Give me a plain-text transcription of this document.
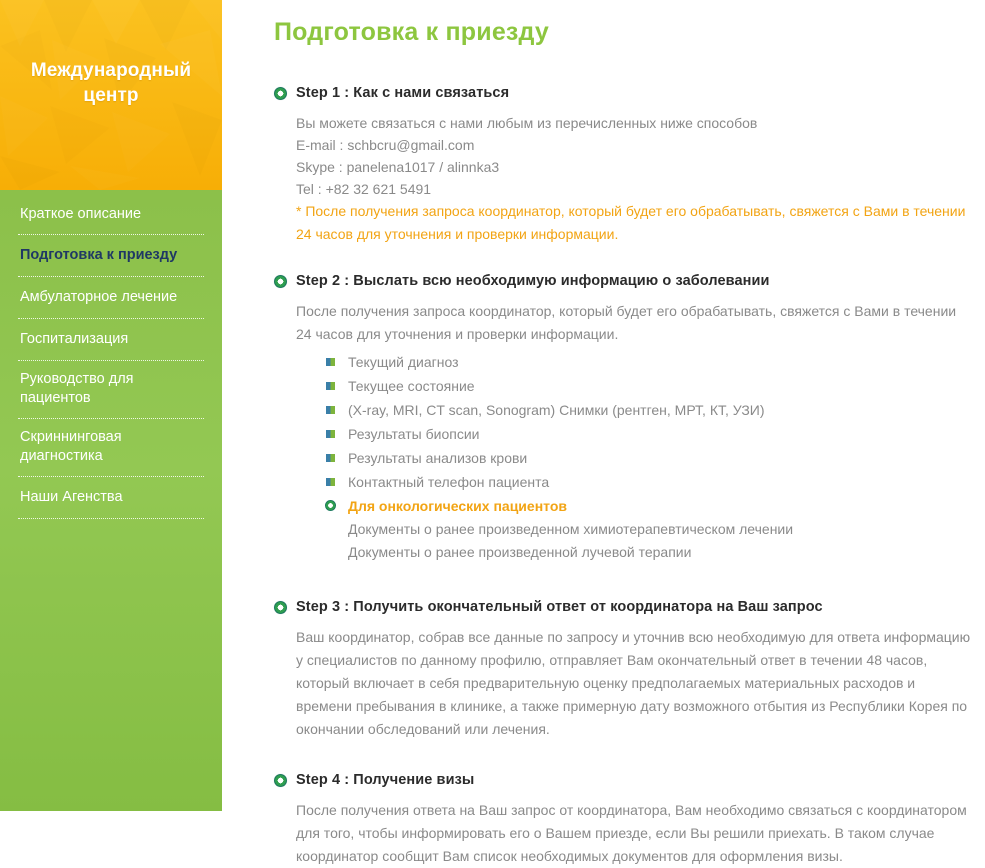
Международный центр
Краткое описание
Подготовка к приезду
Амбулаторное лечение
Госпитализация
Руководство для пациентов
Скриннинговая диагностика
Наши Агенства
Подготовка к приезду
Step 1 : Как с нами связаться

Вы можете связаться с нами любым из перечисленных ниже способов

E-mail : schbcru@gmail.com

Skype : panelena1017 / alinnka3

Tel : +82 32 621 5491

* После получения запроса координатор, который будет его обрабатывать, свяжется с Вами в течении 24 часов для уточнения и проверки информации.

Step 2 : Выслать всю необходимую информацию о заболевании

После получения запроса координатор, который будет его обрабатывать, свяжется с Вами в течении 24 часов для уточнения и проверки информации.

Текущий диагноз
Текущее состояние
(X-ray, MRI, CT scan, Sonogram) Снимки (рентген, МРТ, КТ, УЗИ)
Результаты биопсии
Результаты анализов крови
Контактный телефон пациента
Для онкологических пациентов
Документы о ранее произведенном химиотерапевтическом лечении
Документы о ранее произведенной лучевой терапии
Step 3 : Получить окончательный ответ от координатора на Ваш запрос

Ваш координатор, собрав все данные по запросу и уточнив всю необходимую для ответа информацию у специалистов по данному профилю, отправляет Вам окончательный ответ в течении 48 часов, который включает в себя предварительную оценку предполагаемых материальных расходов и времени пребывания в клинике, а также примерную дату возможного отбытия из Республики Корея по окончании обследований или лечения.

Step 4 : Получение визы

После получения ответа на Ваш запрос от координатора, Вам необходимо связаться с координатором для того, чтобы информировать его о Вашем приезде, если Вы решили приехать. В таком случае координатор сообщит Вам список необходимых документов для оформления визы.
